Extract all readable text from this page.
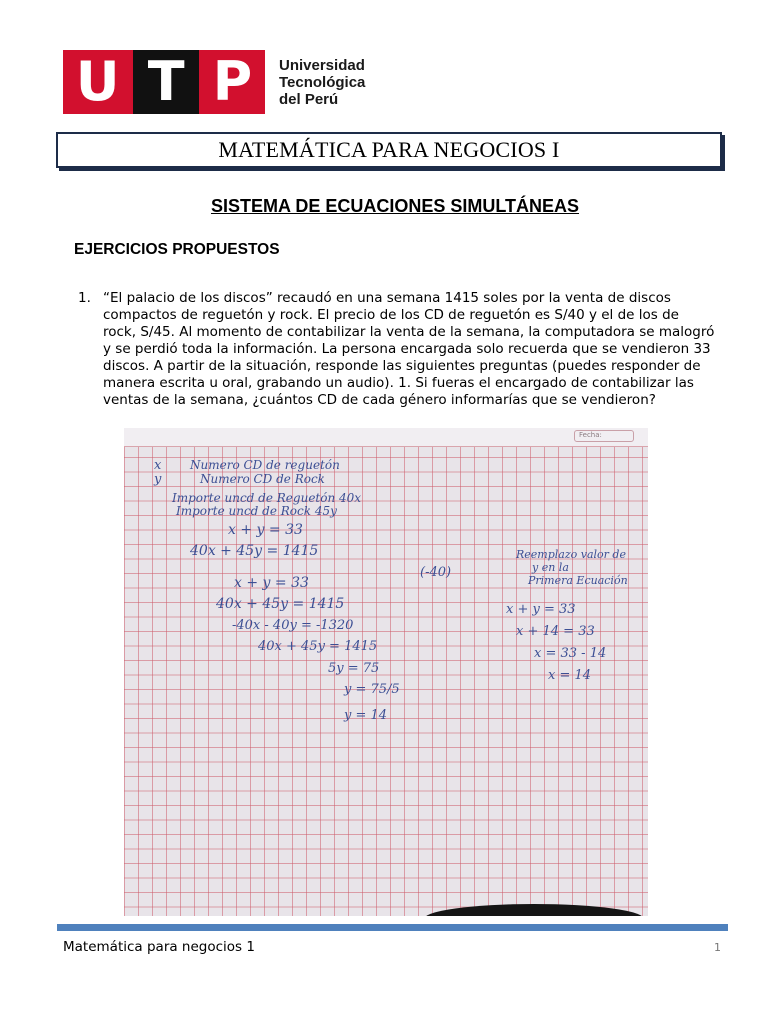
U T P Universidad
Tecnológica
del Perú
MATEMÁTICA PARA NEGOCIOS I
SISTEMA DE ECUACIONES SIMULTÁNEAS
EJERCICIOS PROPUESTOS
1. “El palacio de los discos” recaudó en una semana 1415 soles por la venta de discos compactos de reguetón y rock. El precio de los CD de reguetón es S/40 y el de los de rock, S/45. Al momento de contabilizar la venta de la semana, la computadora se malogró y se perdió toda la información. La persona encargada solo recuerda que se vendieron 33 discos. A partir de la situación, responde las siguientes preguntas (puedes responder de manera escrita u oral, grabando un audio). 1. Si fueras el encargado de contabilizar las ventas de la semana, ¿cuántos CD de cada género informarías que se vendieron?
Fecha:
x
y
Numero CD de reguetón
Numero CD de Rock
Importe uncd de Reguetón 40x
Importe uncd de Rock 45y
x + y = 33
40x + 45y = 1415
x + y = 33
(-40)
40x + 45y = 1415
-40x - 40y = -1320
40x + 45y = 1415
5y = 75
y = 75/5
y = 14
Reemplazo valor de
y en la
Primera Ecuación
x + y = 33
x + 14 = 33
x = 33 - 14
x = 14
Matemática para negocios 1	1
